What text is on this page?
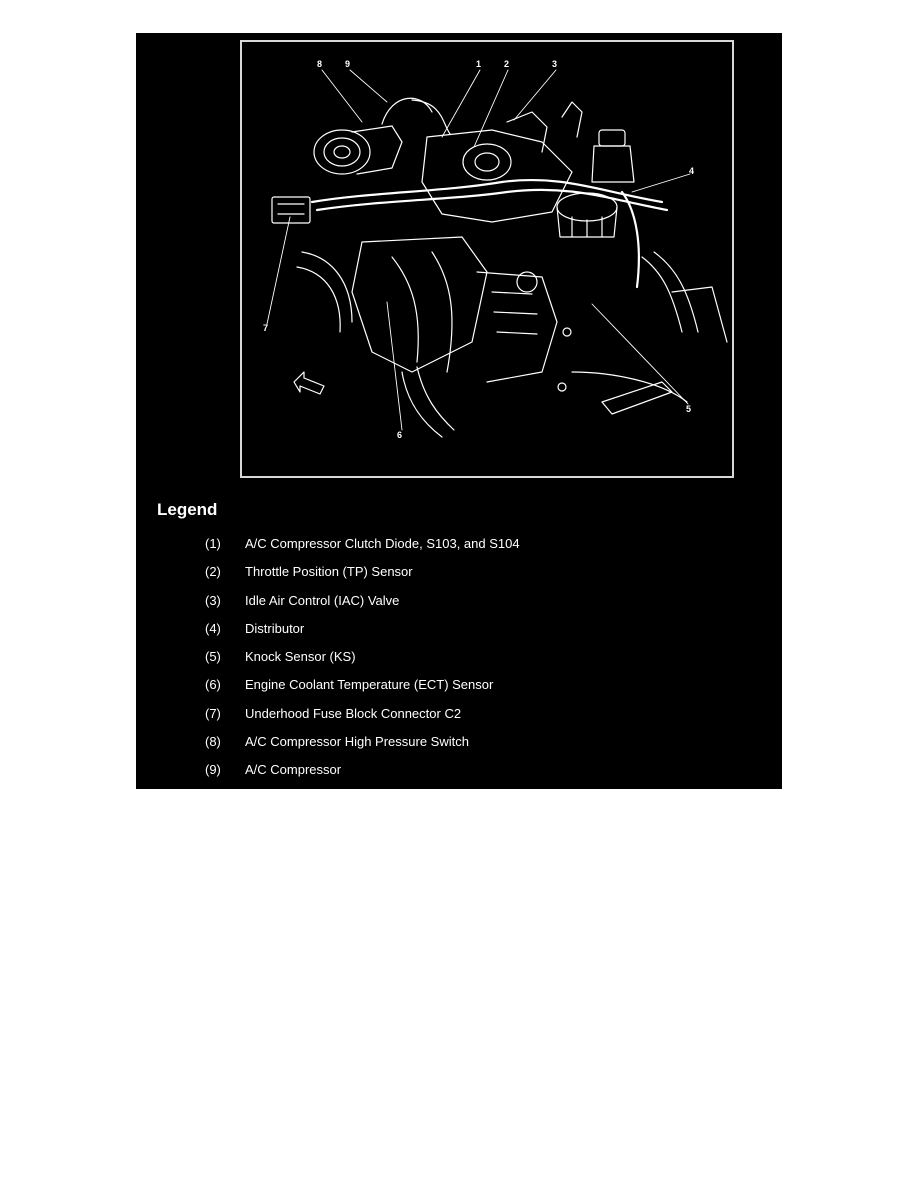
8	9	1	2	3
4
5
6
7
Legend
(1) A/C Compressor Clutch Diode, S103, and S104
(2) Throttle Position (TP) Sensor
(3) Idle Air Control (IAC) Valve
(4) Distributor
(5) Knock Sensor (KS)
(6) Engine Coolant Temperature (ECT) Sensor
(7) Underhood Fuse Block Connector C2
(8) A/C Compressor High Pressure Switch
(9) A/C Compressor
